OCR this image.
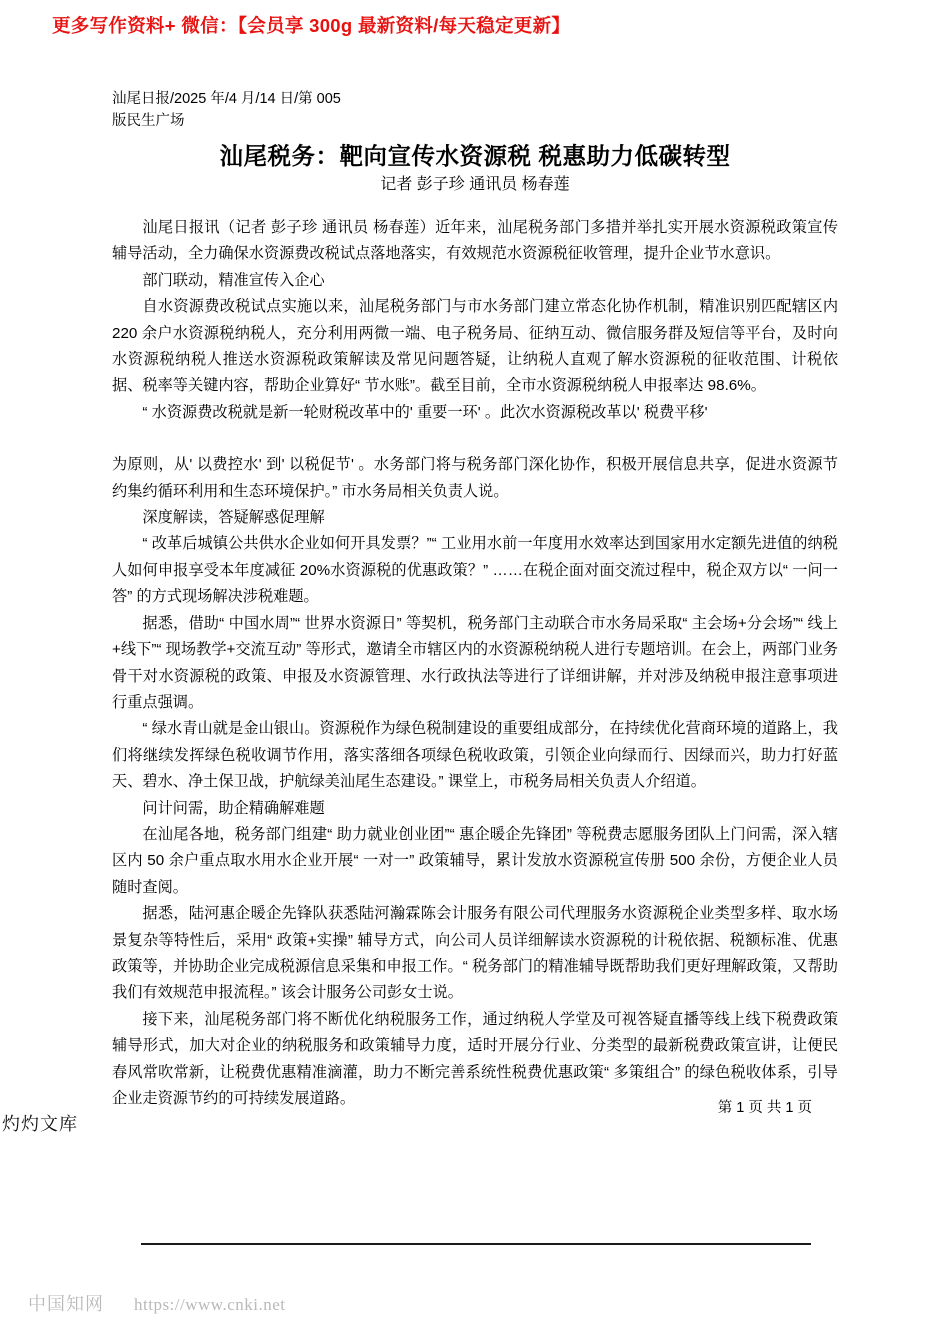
更多写作资料+ 微信：【会员享 300g 最新资料/每天稳定更新】
汕尾日报/2025 年/4 月/14 日/第 005
版民生广场
汕尾税务：靶向宣传水资源税 税惠助力低碳转型
记者 彭子珍 通讯员 杨春莲

汕尾日报讯（记者 彭子珍 通讯员 杨春莲）近年来，汕尾税务部门多措并举扎实开展水资源税政策宣传辅导活动，全力确保水资源费改税试点落地落实，有效规范水资源税征收管理，提升企业节水意识。

部门联动，精准宣传入企心

自水资源费改税试点实施以来，汕尾税务部门与市水务部门建立常态化协作机制，精准识别匹配辖区内 220 余户水资源税纳税人，充分利用两微一端、电子税务局、征纳互动、微信服务群及短信等平台，及时向水资源税纳税人推送水资源税政策解读及常见问题答疑，让纳税人直观了解水资源税的征收范围、计税依据、税率等关键内容，帮助企业算好“ 节水账”。截至目前，全市水资源税纳税人申报率达 98.6%。

“ 水资源费改税就是新一轮财税改革中的' 重要一环' 。此次水资源税改革以' 税费平移'

为原则，从' 以费控水' 到' 以税促节' 。水务部门将与税务部门深化协作，积极开展信息共享，促进水资源节约集约循环利用和生态环境保护。” 市水务局相关负责人说。

深度解读，答疑解惑促理解

“ 改革后城镇公共供水企业如何开具发票？”“ 工业用水前一年度用水效率达到国家用水定额先进值的纳税人如何申报享受本年度减征 20%水资源税的优惠政策？” ……在税企面对面交流过程中，税企双方以“ 一问一答” 的方式现场解决涉税难题。

据悉，借助“ 中国水周”“ 世界水资源日” 等契机，税务部门主动联合市水务局采取“ 主会场+分会场”“ 线上+线下”“ 现场教学+交流互动” 等形式，邀请全市辖区内的水资源税纳税人进行专题培训。在会上，两部门业务骨干对水资源税的政策、申报及水资源管理、水行政执法等进行了详细讲解，并对涉及纳税申报注意事项进行重点强调。

“ 绿水青山就是金山银山。资源税作为绿色税制建设的重要组成部分，在持续优化营商环境的道路上，我们将继续发挥绿色税收调节作用，落实落细各项绿色税收政策，引领企业向绿而行、因绿而兴，助力打好蓝天、碧水、净土保卫战，护航绿美汕尾生态建设。” 课堂上，市税务局相关负责人介绍道。

问计问需，助企精确解难题

在汕尾各地，税务部门组建“ 助力就业创业团”“ 惠企暖企先锋团” 等税费志愿服务团队上门问需，深入辖区内 50 余户重点取水用水企业开展“ 一对一” 政策辅导，累计发放水资源税宣传册 500 余份，方便企业人员随时查阅。

据悉，陆河惠企暖企先锋队获悉陆河瀚霖陈会计服务有限公司代理服务水资源税企业类型多样、取水场景复杂等特性后，采用“ 政策+实操” 辅导方式，向公司人员详细解读水资源税的计税依据、税额标准、优惠政策等，并协助企业完成税源信息采集和申报工作。“ 税务部门的精准辅导既帮助我们更好理解政策，又帮助我们有效规范申报流程。” 该会计服务公司彭女士说。

接下来，汕尾税务部门将不断优化纳税服务工作，通过纳税人学堂及可视答疑直播等线上线下税费政策辅导形式，加大对企业的纳税服务和政策辅导力度，适时开展分行业、分类型的最新税费政策宣讲，让便民春风常吹常新，让税费优惠精准滴灌，助力不断完善系统性税费优惠政策“ 多策组合” 的绿色税收体系，引导企业走资源节约的可持续发展道路。

第 1 页 共 1 页
灼灼文库
中国知网 https://www.cnki.net
